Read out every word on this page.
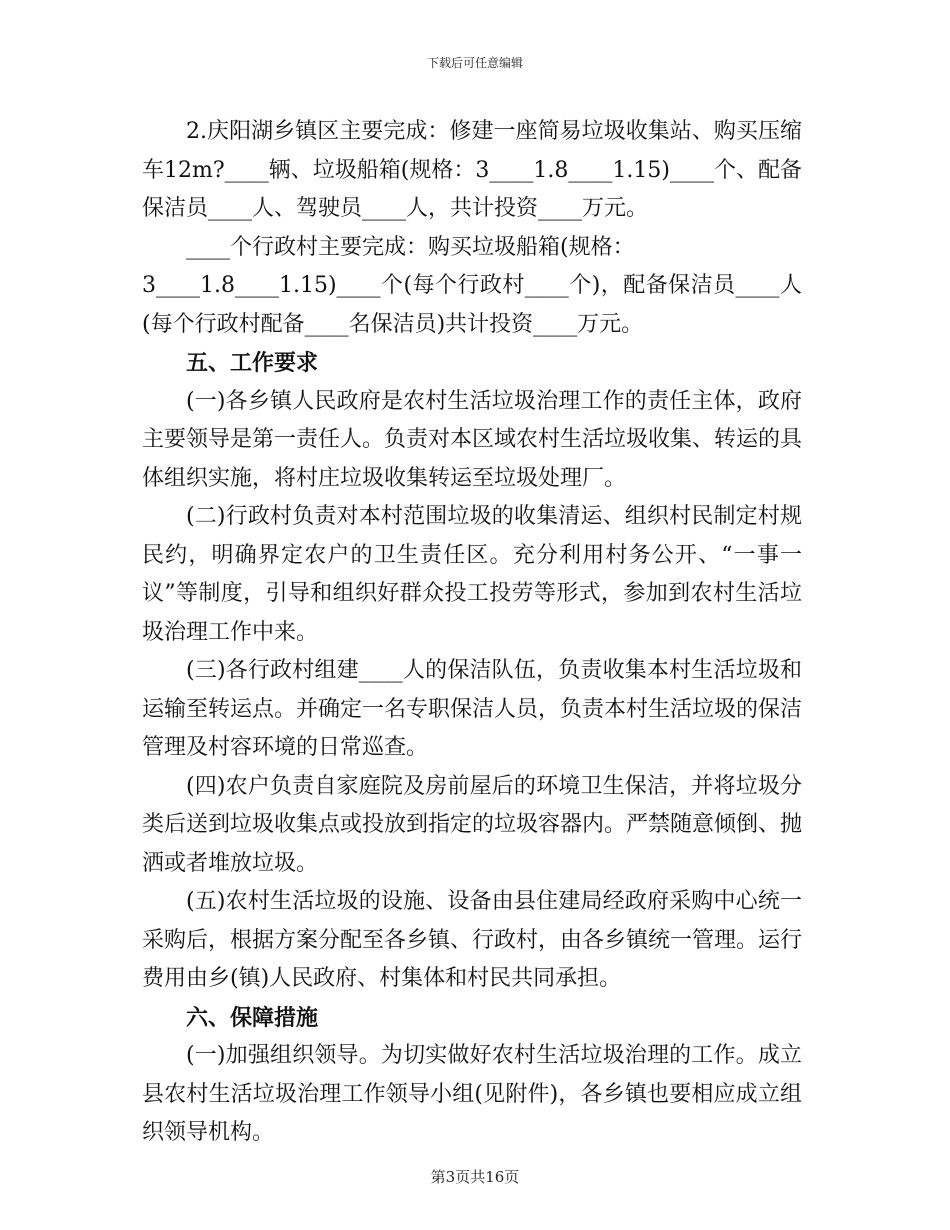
下载后可任意编辑

2.庆阳湖乡镇区主要完成：修建一座简易垃圾收集站、购买压缩车12m?____辆、垃圾船箱(规格：3____1.8____1.15)____个、配备保洁员____人、驾驶员____人，共计投资____万元。

____个行政村主要完成：购买垃圾船箱(规格：

3____1.8____1.15)____个(每个行政村____个)，配备保洁员____人(每个行政村配备____名保洁员)共计投资____万元。

五、工作要求

(一)各乡镇人民政府是农村生活垃圾治理工作的责任主体，政府主要领导是第一责任人。负责对本区域农村生活垃圾收集、转运的具体组织实施，将村庄垃圾收集转运至垃圾处理厂。

(二)行政村负责对本村范围垃圾的收集清运、组织村民制定村规民约，明确界定农户的卫生责任区。充分利用村务公开、“一事一议”等制度，引导和组织好群众投工投劳等形式，参加到农村生活垃圾治理工作中来。

(三)各行政村组建____人的保洁队伍，负责收集本村生活垃圾和运输至转运点。并确定一名专职保洁人员，负责本村生活垃圾的保洁管理及村容环境的日常巡查。

(四)农户负责自家庭院及房前屋后的环境卫生保洁，并将垃圾分类后送到垃圾收集点或投放到指定的垃圾容器内。严禁随意倾倒、抛洒或者堆放垃圾。

(五)农村生活垃圾的设施、设备由县住建局经政府采购中心统一采购后，根据方案分配至各乡镇、行政村，由各乡镇统一管理。运行费用由乡(镇)人民政府、村集体和村民共同承担。

六、保障措施

(一)加强组织领导。为切实做好农村生活垃圾治理的工作。成立县农村生活垃圾治理工作领导小组(见附件)，各乡镇也要相应成立组织领导机构。

第3页共16页
